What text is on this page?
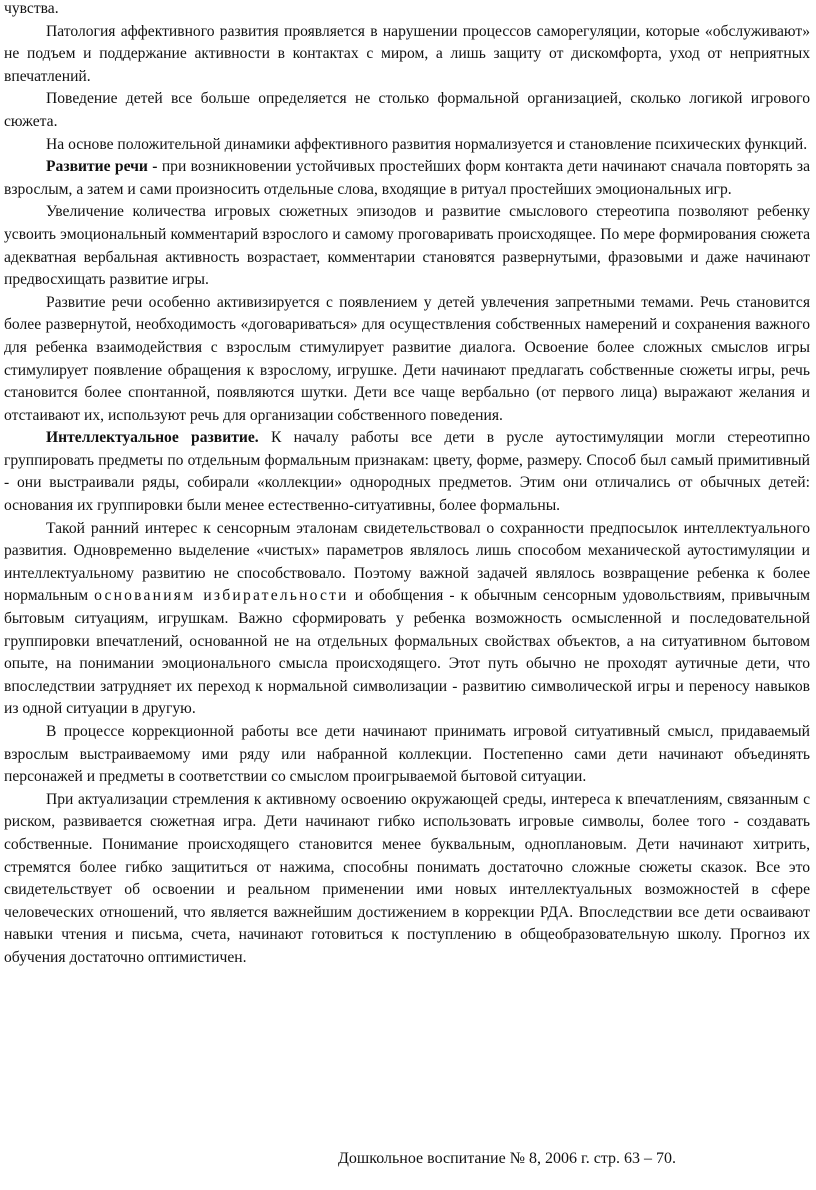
чувства.

Патология аффективного развития проявляется в нарушении процессов саморегуляции, которые «обслуживают» не подъем и поддержание активности в контактах с миром, а лишь защиту от дискомфорта, уход от неприятных впечатлений.

Поведение детей все больше определяется не столько формальной организацией, сколько логикой игрового сюжета.

На основе положительной динамики аффективного развития нормализуется и становление психических функций.

Развитие речи - при возникновении устойчивых простейших форм контакта дети начинают сначала повторять за взрослым, а затем и сами произносить отдельные слова, входящие в ритуал простейших эмоциональных игр.

Увеличение количества игровых сюжетных эпизодов и развитие смыслового стереотипа позволяют ребенку усвоить эмоциональный комментарий взрослого и самому проговаривать происходящее. По мере формирования сюжета адекватная вербальная активность возрастает, комментарии становятся развернутыми, фразовыми и даже начинают предвосхищать развитие игры.

Развитие речи особенно активизируется с появлением у детей увлечения запретными темами. Речь становится более развернутой, необходимость «договариваться» для осуществления собственных намерений и сохранения важного для ребенка взаимодействия с взрослым стимулирует развитие диалога. Освоение более сложных смыслов игры стимулирует появление обращения к взрослому, игрушке. Дети начинают предлагать собственные сюжеты игры, речь становится более спонтанной, появляются шутки. Дети все чаще вербально (от первого лица) выражают желания и отстаивают их, используют речь для организации собственного поведения.

Интеллектуальное развитие. К началу работы все дети в русле аутостимуляции могли стереотипно группировать предметы по отдельным формальным признакам: цвету, форме, размеру. Способ был самый примитивный - они выстраивали ряды, собирали «коллекции» однородных предметов. Этим они отличались от обычных детей: основания их группировки были менее естественно-ситуативны, более формальны.

Такой ранний интерес к сенсорным эталонам свидетельствовал о сохранности предпосылок интеллектуального развития. Одновременно выделение «чистых» параметров являлось лишь способом механической аутостимуляции и интеллектуальному развитию не способствовало. Поэтому важной задачей являлось возвращение ребенка к более нормальным основаниям избирательности и обобщения - к обычным сенсорным удовольствиям, привычным бытовым ситуациям, игрушкам. Важно сформировать у ребенка возможность осмысленной и последовательной группировки впечатлений, основанной не на отдельных формальных свойствах объектов, а на ситуативном бытовом опыте, на понимании эмоционального смысла происходящего. Этот путь обычно не проходят аутичные дети, что впоследствии затрудняет их переход к нормальной символизации - развитию символической игры и переносу навыков из одной ситуации в другую.

В процессе коррекционной работы все дети начинают принимать игровой ситуативный смысл, придаваемый взрослым выстраиваемому ими ряду или набранной коллекции. Постепенно сами дети начинают объединять персонажей и предметы в соответствии со смыслом проигрываемой бытовой ситуации.

При актуализации стремления к активному освоению окружающей среды, интереса к впечатлениям, связанным с риском, развивается сюжетная игра. Дети начинают гибко использовать игровые символы, более того - создавать собственные. Понимание происходящего становится менее буквальным, одноплановым. Дети начинают хитрить, стремятся более гибко защититься от нажима, способны понимать достаточно сложные сюжеты сказок. Все это свидетельствует об освоении и реальном применении ими новых интеллектуальных возможностей в сфере человеческих отношений, что является важнейшим достижением в коррекции РДА. Впоследствии все дети осваивают навыки чтения и письма, счета, начинают готовиться к поступлению в общеобразовательную школу. Прогноз их обучения достаточно оптимистичен.

Дошкольное воспитание № 8, 2006 г. стр. 63 – 70.
